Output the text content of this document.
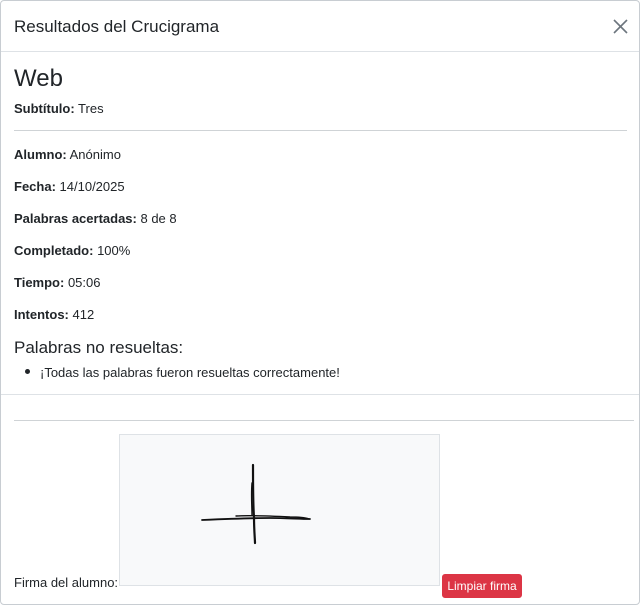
Resultados del Crucigrama
Web
Subtítulo: Tres
Alumno: Anónimo
Fecha: 14/10/2025
Palabras acertadas: 8 de 8
Completado: 100%
Tiempo: 05:06
Intentos: 412
Palabras no resueltas:
¡Todas las palabras fueron resueltas correctamente!
Firma del alumno:	Limpiar firma
